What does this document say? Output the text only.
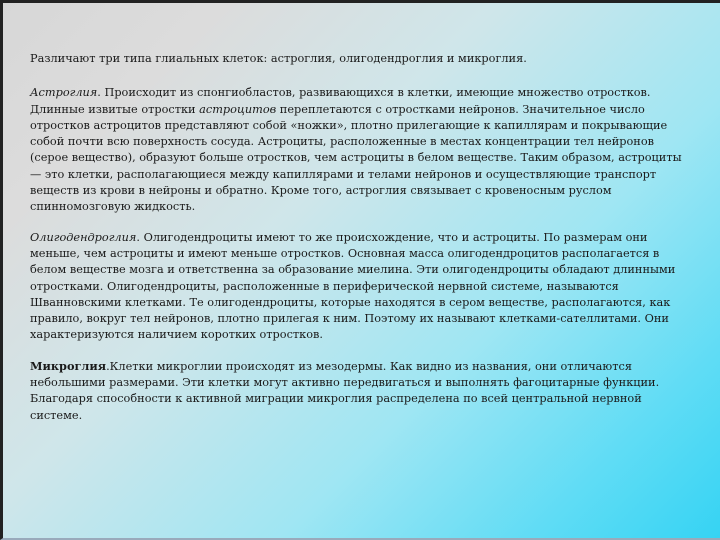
Различают три типа глиальных клеток: астроглия, олигодендроглия и микроглия.

Астроглия. Происходит из спонгиобластов, развивающихся в клетки, имеющие множество отростков. Длинные извитые отростки астроцитов переплетаются с отростками нейронов. Значительное число отростков астроцитов представляют собой «ножки», плотно прилегающие к капиллярам и покрывающие собой почти всю поверхность сосуда. Астроциты, расположенные в местах концентрации тел нейронов (серое вещество), образуют больше отростков, чем астроциты в белом веществе. Таким образом, астроциты — это клетки, располагающиеся между капиллярами и телами нейронов и осуществляющие транспорт веществ из крови в нейроны и обратно. Кроме того, астроглия связывает с кровеносным руслом спинномозговую жидкость.

Олигодендроглия. Олигодендроциты имеют то же происхождение, что и астроциты. По размерам они меньше, чем астроциты и имеют меньше отростков. Основная масса олигодендроцитов располагается в белом веществе мозга и ответственна за образование миелина. Эти олигодендроциты обладают длинными отростками. Олигодендроциты, расположенные в периферической нервной системе, называются Шванновскими клетками. Те олигодендроциты, которые находятся в сером веществе, располагаются, как правило, вокруг тел нейронов, плотно прилегая к ним. Поэтому их называют клетками-сателлитами. Они характеризуются наличием коротких отростков.

Микроглия.Клетки микроглии происходят из мезодермы. Как видно из названия, они отличаются небольшими размерами. Эти клетки могут активно передвигаться и выполнять фагоцитарные функции. Благодаря способности к активной миграции микроглия распределена по всей центральной нервной системе.
